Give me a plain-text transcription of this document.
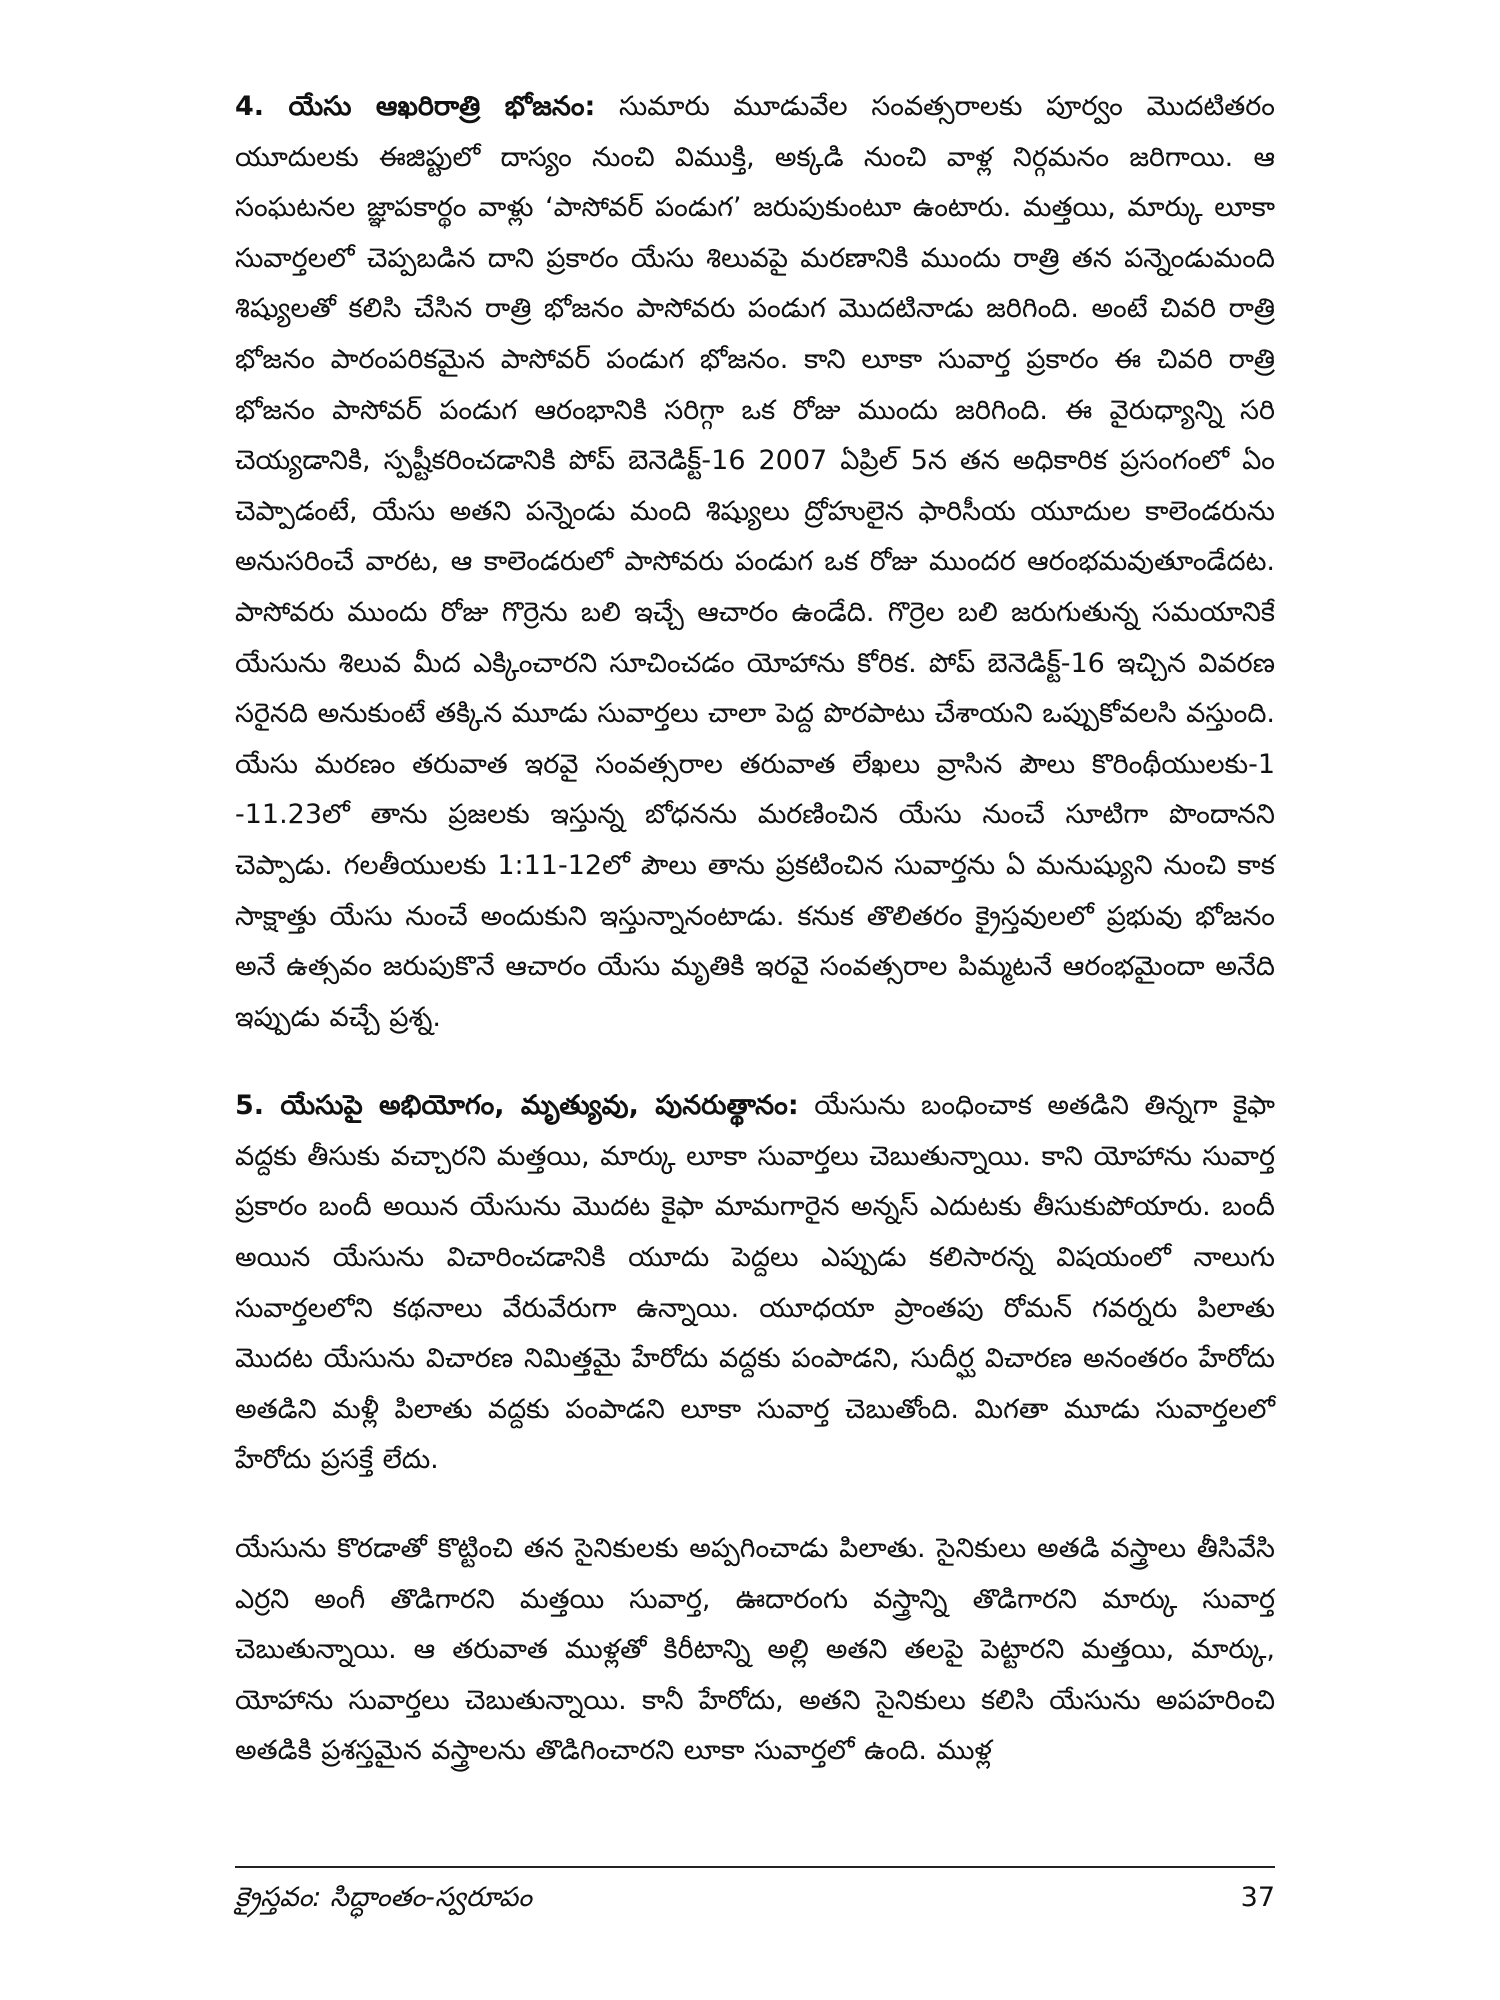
4. యేసు ఆఖరిరాత్రి భోజనం: సుమారు మూడువేల సంవత్సరాలకు పూర్వం మొదటితరం యూదులకు ఈజిప్టులో దాస్యం నుంచి విముక్తి, అక్కడి నుంచి వాళ్ల నిర్గమనం జరిగాయి. ఆ సంఘటనల జ్ఞాపకార్థం వాళ్లు ‘పాసోవర్ పండుగ’ జరుపుకుంటూ ఉంటారు. మత్తయి, మార్కు లూకా సువార్తలలో చెప్పబడిన దాని ప్రకారం యేసు శిలువపై మరణానికి ముందు రాత్రి తన పన్నెండుమంది శిష్యులతో కలిసి చేసిన రాత్రి భోజనం పాసోవరు పండుగ మొదటినాడు జరిగింది. అంటే చివరి రాత్రి భోజనం పారంపరికమైన పాసోవర్ పండుగ భోజనం. కాని లూకా సువార్త ప్రకారం ఈ చివరి రాత్రి భోజనం పాసోవర్ పండుగ ఆరంభానికి సరిగ్గా ఒక రోజు ముందు జరిగింది. ఈ వైరుధ్యాన్ని సరి చెయ్యడానికి, స్పష్టీకరించడానికి పోప్ బెనెడిక్ట్-16 2007 ఏప్రిల్ 5న తన అధికారిక ప్రసంగంలో ఏం చెప్పాడంటే, యేసు అతని పన్నెండు మంది శిష్యులు ద్రోహులైన ఫారిసీయ యూదుల కాలెండరును అనుసరించే వారట, ఆ కాలెండరులో పాసోవరు పండుగ ఒక రోజు ముందర ఆరంభమవుతూండేదట. పాసోవరు ముందు రోజు గొర్రెను బలి ఇచ్చే ఆచారం ఉండేది. గొర్రెల బలి జరుగుతున్న సమయానికే యేసును శిలువ మీద ఎక్కించారని సూచించడం యోహాను కోరిక. పోప్ బెనెడిక్ట్-16 ఇచ్చిన వివరణ సరైనది అనుకుంటే తక్కిన మూడు సువార్తలు చాలా పెద్ద పొరపాటు చేశాయని ఒప్పుకోవలసి వస్తుంది. యేసు మరణం తరువాత ఇరవై సంవత్సరాల తరువాత లేఖలు వ్రాసిన పౌలు కొరింథీయులకు-1 -11.23లో తాను ప్రజలకు ఇస్తున్న బోధనను మరణించిన యేసు నుంచే సూటిగా పొందానని చెప్పాడు. గలతీయులకు 1:11-12లో పౌలు తాను ప్రకటించిన సువార్తను ఏ మనుష్యుని నుంచి కాక సాక్షాత్తు యేసు నుంచే అందుకుని ఇస్తున్నానంటాడు. కనుక తొలితరం క్రైస్తవులలో ప్రభువు భోజనం అనే ఉత్సవం జరుపుకొనే ఆచారం యేసు మృతికి ఇరవై సంవత్సరాల పిమ్మటనే ఆరంభమైందా అనేది ఇప్పుడు వచ్చే ప్రశ్న.

5. యేసుపై అభియోగం, మృత్యువు, పునరుత్థానం: యేసును బంధించాక అతడిని తిన్నగా కైఫా వద్దకు తీసుకు వచ్చారని మత్తయి, మార్కు లూకా సువార్తలు చెబుతున్నాయి. కాని యోహాను సువార్త ప్రకారం బందీ అయిన యేసును మొదట కైఫా మామగారైన అన్నస్ ఎదుటకు తీసుకుపోయారు. బందీ అయిన యేసును విచారించడానికి యూదు పెద్దలు ఎప్పుడు కలిసారన్న విషయంలో నాలుగు సువార్తలలోని కథనాలు వేరువేరుగా ఉన్నాయి. యూధయా ప్రాంతపు రోమన్ గవర్నరు పిలాతు మొదట యేసును విచారణ నిమిత్తమై హేరోదు వద్దకు పంపాడని, సుదీర్ఘ విచారణ అనంతరం హేరోదు అతడిని మళ్లీ పిలాతు వద్దకు పంపాడని లూకా సువార్త చెబుతోంది. మిగతా మూడు సువార్తలలో హేరోదు ప్రసక్తే లేదు.

యేసును కొరడాతో కొట్టించి తన సైనికులకు అప్పగించాడు పిలాతు. సైనికులు అతడి వస్త్రాలు తీసివేసి ఎర్రని అంగీ తొడిగారని మత్తయి సువార్త, ఊదారంగు వస్త్రాన్ని తొడిగారని మార్కు సువార్త చెబుతున్నాయి. ఆ తరువాత ముళ్లతో కిరీటాన్ని అల్లి అతని తలపై పెట్టారని మత్తయి, మార్కు, యోహాను సువార్తలు చెబుతున్నాయి. కానీ హేరోదు, అతని సైనికులు కలిసి యేసును అపహరించి అతడికి ప్రశస్తమైన వస్త్రాలను తొడిగించారని లూకా సువార్తలో ఉంది. ముళ్ల

క్రైస్తవం: సిద్ధాంతం-స్వరూపం	37
